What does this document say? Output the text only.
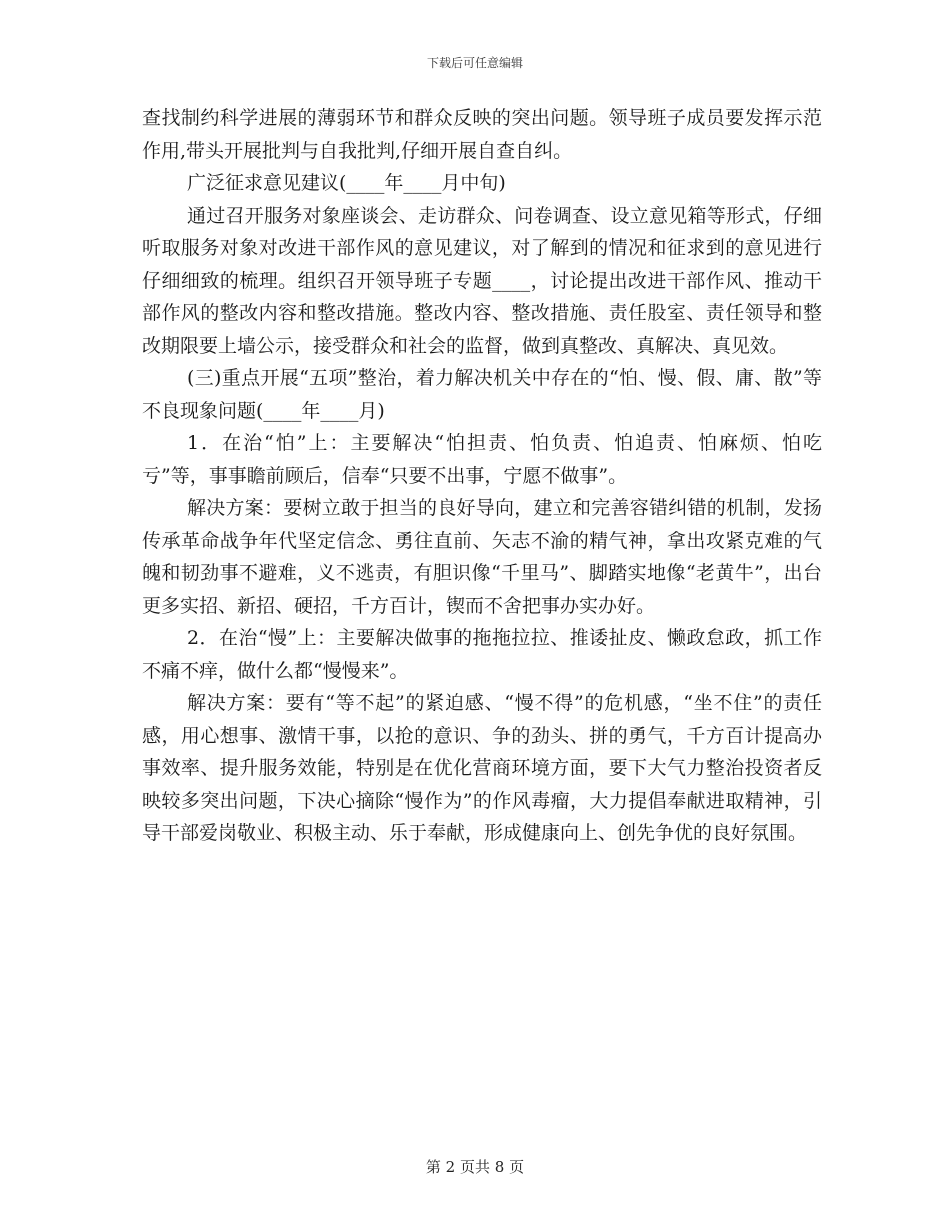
下载后可任意编辑

查找制约科学进展的薄弱环节和群众反映的突出问题。领导班子成员要发挥示范作用,带头开展批判与自我批判,仔细开展自查自纠。

广泛征求意见建议(____年____月中旬)

通过召开服务对象座谈会、走访群众、问卷调查、设立意见箱等形式，仔细听取服务对象对改进干部作风的意见建议，对了解到的情况和征求到的意见进行仔细细致的梳理。组织召开领导班子专题____，讨论提出改进干部作风、推动干部作风的整改内容和整改措施。整改内容、整改措施、责任股室、责任领导和整改期限要上墙公示，接受群众和社会的监督，做到真整改、真解决、真见效。

(三)重点开展“五项”整治，着力解决机关中存在的“怕、慢、假、庸、散”等不良现象问题(____年____月)

1．在治“怕”上：主要解决“怕担责、怕负责、怕追责、怕麻烦、怕吃亏”等，事事瞻前顾后，信奉“只要不出事，宁愿不做事”。

解决方案：要树立敢于担当的良好导向，建立和完善容错纠错的机制，发扬传承革命战争年代坚定信念、勇往直前、矢志不渝的精气神，拿出攻紧克难的气魄和韧劲事不避难，义不逃责，有胆识像“千里马”、脚踏实地像“老黄牛”，出台更多实招、新招、硬招，千方百计，锲而不舍把事办实办好。

2．在治“慢”上：主要解决做事的拖拖拉拉、推诿扯皮、懒政怠政，抓工作不痛不痒，做什么都“慢慢来”。

解决方案：要有“等不起”的紧迫感、“慢不得”的危机感，“坐不住”的责任感，用心想事、激情干事，以抢的意识、争的劲头、拼的勇气，千方百计提高办事效率、提升服务效能，特别是在优化营商环境方面，要下大气力整治投资者反映较多突出问题，下决心摘除“慢作为”的作风毒瘤，大力提倡奉献进取精神，引导干部爱岗敬业、积极主动、乐于奉献，形成健康向上、创先争优的良好氛围。

第 2 页共 8 页
